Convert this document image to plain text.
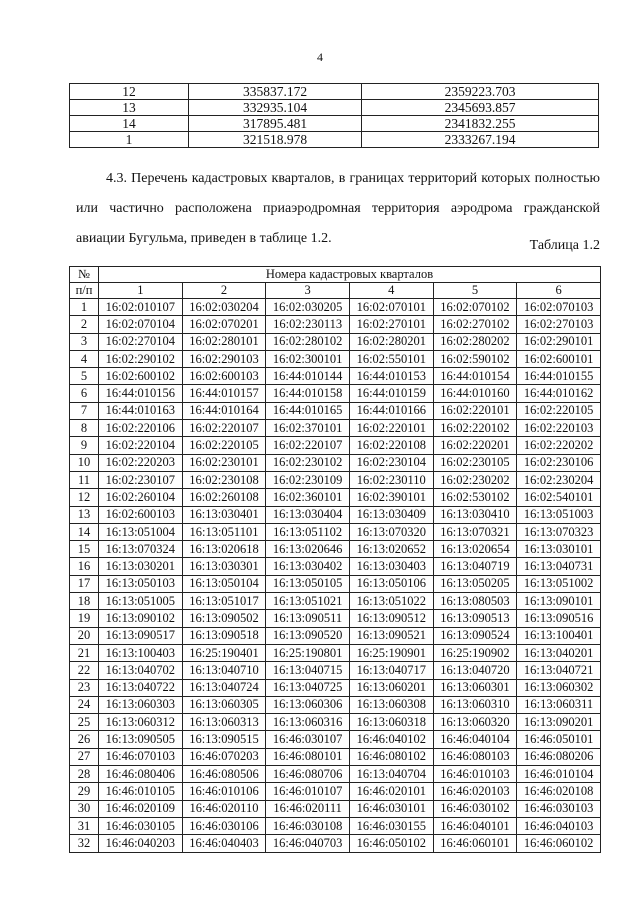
4
12	335837.172	2359223.703
13	332935.104	2345693.857
14	317895.481	2341832.255
1	321518.978	2333267.194

4.3. Перечень кадастровых кварталов, в границах территорий которых полностью или частично расположена приаэродромная территория аэродрома гражданской авиации Бугульма, приведен в таблице 1.2.	Таблица 1.2
№	Номера кадастровых кварталов					
п/п	1	2	3	4	5	6
1	16:02:010107	16:02:030204	16:02:030205	16:02:070101	16:02:070102	16:02:070103
2	16:02:070104	16:02:070201	16:02:230113	16:02:270101	16:02:270102	16:02:270103
3	16:02:270104	16:02:280101	16:02:280102	16:02:280201	16:02:280202	16:02:290101
4	16:02:290102	16:02:290103	16:02:300101	16:02:550101	16:02:590102	16:02:600101
5	16:02:600102	16:02:600103	16:44:010144	16:44:010153	16:44:010154	16:44:010155
6	16:44:010156	16:44:010157	16:44:010158	16:44:010159	16:44:010160	16:44:010162
7	16:44:010163	16:44:010164	16:44:010165	16:44:010166	16:02:220101	16:02:220105
8	16:02:220106	16:02:220107	16:02:370101	16:02:220101	16:02:220102	16:02:220103
9	16:02:220104	16:02:220105	16:02:220107	16:02:220108	16:02:220201	16:02:220202
10	16:02:220203	16:02:230101	16:02:230102	16:02:230104	16:02:230105	16:02:230106
11	16:02:230107	16:02:230108	16:02:230109	16:02:230110	16:02:230202	16:02:230204
12	16:02:260104	16:02:260108	16:02:360101	16:02:390101	16:02:530102	16:02:540101
13	16:02:600103	16:13:030401	16:13:030404	16:13:030409	16:13:030410	16:13:051003
14	16:13:051004	16:13:051101	16:13:051102	16:13:070320	16:13:070321	16:13:070323
15	16:13:070324	16:13:020618	16:13:020646	16:13:020652	16:13:020654	16:13:030101
16	16:13:030201	16:13:030301	16:13:030402	16:13:030403	16:13:040719	16:13:040731
17	16:13:050103	16:13:050104	16:13:050105	16:13:050106	16:13:050205	16:13:051002
18	16:13:051005	16:13:051017	16:13:051021	16:13:051022	16:13:080503	16:13:090101
19	16:13:090102	16:13:090502	16:13:090511	16:13:090512	16:13:090513	16:13:090516
20	16:13:090517	16:13:090518	16:13:090520	16:13:090521	16:13:090524	16:13:100401
21	16:13:100403	16:25:190401	16:25:190801	16:25:190901	16:25:190902	16:13:040201
22	16:13:040702	16:13:040710	16:13:040715	16:13:040717	16:13:040720	16:13:040721
23	16:13:040722	16:13:040724	16:13:040725	16:13:060201	16:13:060301	16:13:060302
24	16:13:060303	16:13:060305	16:13:060306	16:13:060308	16:13:060310	16:13:060311
25	16:13:060312	16:13:060313	16:13:060316	16:13:060318	16:13:060320	16:13:090201
26	16:13:090505	16:13:090515	16:46:030107	16:46:040102	16:46:040104	16:46:050101
27	16:46:070103	16:46:070203	16:46:080101	16:46:080102	16:46:080103	16:46:080206
28	16:46:080406	16:46:080506	16:46:080706	16:13:040704	16:46:010103	16:46:010104
29	16:46:010105	16:46:010106	16:46:010107	16:46:020101	16:46:020103	16:46:020108
30	16:46:020109	16:46:020110	16:46:020111	16:46:030101	16:46:030102	16:46:030103
31	16:46:030105	16:46:030106	16:46:030108	16:46:030155	16:46:040101	16:46:040103
32	16:46:040203	16:46:040403	16:46:040703	16:46:050102	16:46:060101	16:46:060102
